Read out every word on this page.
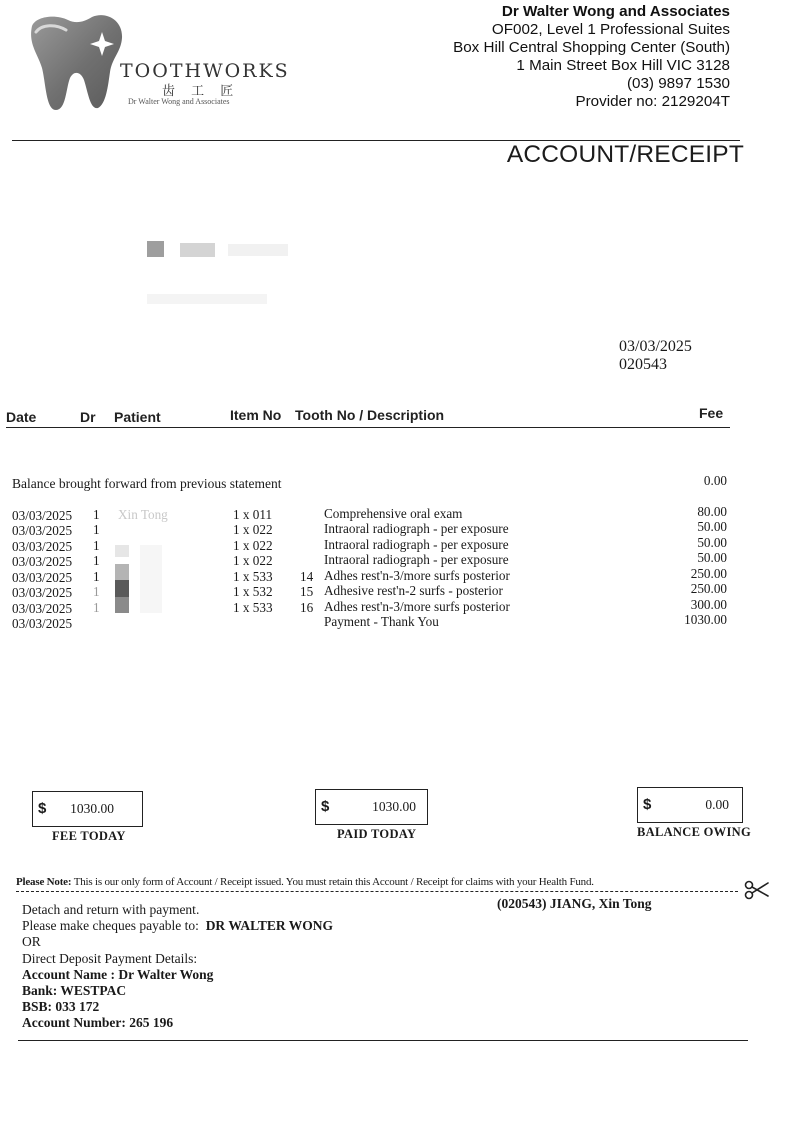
TOOTHWORKS
齿 工 匠
Dr Walter Wong and Associates
Dr Walter Wong and Associates
OF002, Level 1 Professional Suites
Box Hill Central Shopping Center (South)
1 Main Street Box Hill VIC 3128
(03) 9897 1530
Provider no: 2129204T
ACCOUNT/RECEIPT
03/03/2025
020543
Date	Dr Patient	Item No Tooth No / Description	Fee
Balance brought forward from previous statement	0.00
03/03/2025 1 Xin Tong	1 x 011	Comprehensive oral exam	80.00
03/03/2025 1	1 x 022	Intraoral radiograph - per exposure	50.00
03/03/2025 1	1 x 022	Intraoral radiograph - per exposure	50.00
03/03/2025 1	1 x 022	Intraoral radiograph - per exposure	50.00
03/03/2025 1	1 x 533 14 Adhes rest'n-3/more surfs posterior	250.00
03/03/2025 1	1 x 532 15 Adhesive rest'n-2 surfs - posterior	250.00
03/03/2025 1	1 x 533 16 Adhes rest'n-3/more surfs posterior	300.00
03/03/2025	Payment - Thank You	1030.00
$ 1030.00
FEE TODAY
$	1030.00
PAID TODAY
$	0.00
BALANCE OWING
Please Note: This is our only form of Account / Receipt issued. You must retain this Account / Receipt for claims with your Health Fund.
(020543) JIANG, Xin Tong
Detach and return with payment.
Please make cheques payable to: DR WALTER WONG
OR
Direct Deposit Payment Details:
Account Name : Dr Walter Wong
Bank: WESTPAC
BSB: 033 172
Account Number: 265 196
